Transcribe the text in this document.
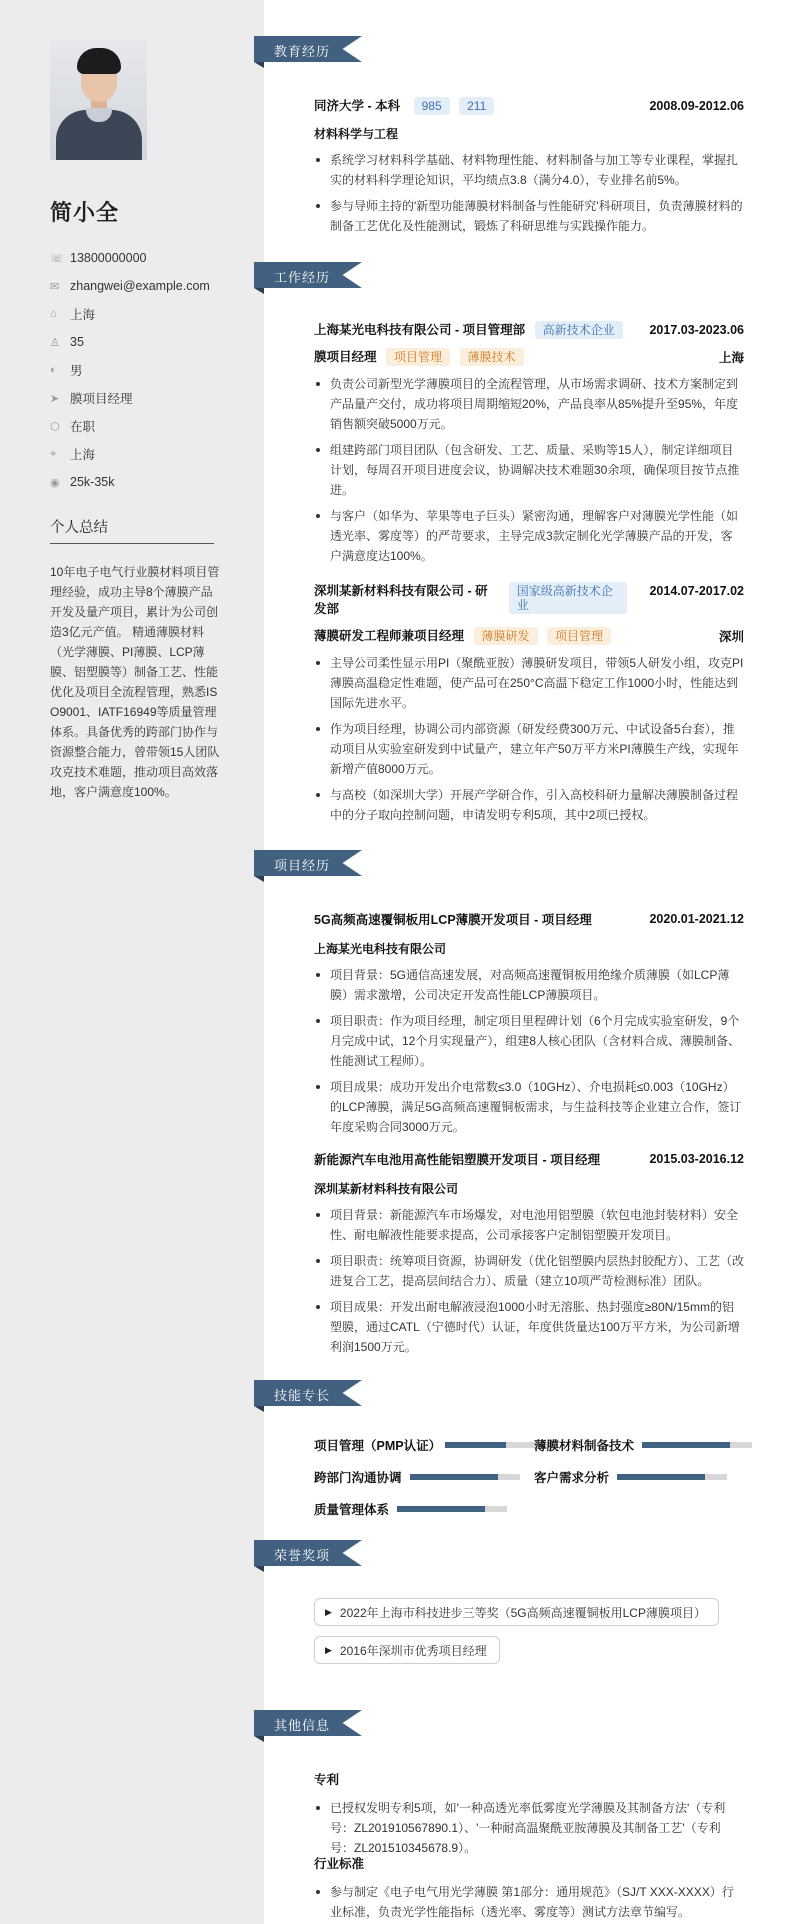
简小全
☏ 13800000000
✉ zhangwei@example.com
⌂	上海
♙ 35
◐	男
➤ 膜项目经理
⬡ 在职
⌖	上海
◉ 25k-35k
个人总结
10年电子电气行业膜材料项目管理经验，成功主导8个薄膜产品开发及量产项目，累计为公司创造3亿元产值。 精通薄膜材料（光学薄膜、PI薄膜、LCP薄膜、铝塑膜等）制备工艺、性能优化及项目全流程管理，熟悉ISO9001、IATF16949等质量管理体系。具备优秀的跨部门协作与资源整合能力，曾带领15人团队攻克技术难题，推动项目高效落地，客户满意度100%。
教育经历
同济大学 - 本科 985 211	2008.09-2012.06
材料科学与工程
系统学习材料科学基础、材料物理性能、材料制备与加工等专业课程，掌握扎实的材料科学理论知识，平均绩点3.8（满分4.0），专业排名前5%。
参与导师主持的'新型功能薄膜材料制备与性能研究'科研项目，负责薄膜材料的制备工艺优化及性能测试，锻炼了科研思维与实践操作能力。
工作经历
上海某光电科技有限公司 - 项目管理部 高新技术企业	2017.03-2023.06
膜项目经理 项目管理 薄膜技术	上海
负责公司新型光学薄膜项目的全流程管理，从市场需求调研、技术方案制定到产品量产交付，成功将项目周期缩短20%，产品良率从85%提升至95%，年度销售额突破5000万元。
组建跨部门项目团队（包含研发、工艺、质量、采购等15人），制定详细项目计划，每周召开项目进度会议，协调解决技术难题30余项，确保项目按节点推进。
与客户（如华为、苹果等电子巨头）紧密沟通，理解客户对薄膜光学性能（如透光率、雾度等）的严苛要求，主导完成3款定制化光学薄膜产品的开发，客户满意度达100%。
深圳某新材料科技有限公司 - 研发部
国家级高新技术企业
2014.07-2017.02
薄膜研发工程师兼项目经理 薄膜研发 项目管理	深圳
主导公司柔性显示用PI（聚酰亚胺）薄膜研发项目，带领5人研发小组，攻克PI薄膜高温稳定性难题，使产品可在250°C高温下稳定工作1000小时，性能达到国际先进水平。
作为项目经理，协调公司内部资源（研发经费300万元、中试设备5台套），推动项目从实验室研发到中试量产，建立年产50万平方米PI薄膜生产线，实现年新增产值8000万元。
与高校（如深圳大学）开展产学研合作，引入高校科研力量解决薄膜制备过程中的分子取向控制问题，申请发明专利5项，其中2项已授权。
项目经历
5G高频高速覆铜板用LCP薄膜开发项目 - 项目经理	2020.01-2021.12
上海某光电科技有限公司
项目背景：5G通信高速发展，对高频高速覆铜板用绝缘介质薄膜（如LCP薄膜）需求激增，公司决定开发高性能LCP薄膜项目。
项目职责：作为项目经理，制定项目里程碑计划（6个月完成实验室研发，9个月完成中试，12个月实现量产），组建8人核心团队（含材料合成、薄膜制备、性能测试工程师）。
项目成果：成功开发出介电常数≤3.0（10GHz）、介电损耗≤0.003（10GHz）的LCP薄膜，满足5G高频高速覆铜板需求，与生益科技等企业建立合作，签订年度采购合同3000万元。
新能源汽车电池用高性能铝塑膜开发项目 - 项目经理	2015.03-2016.12
深圳某新材料科技有限公司
项目背景：新能源汽车市场爆发，对电池用铝塑膜（软包电池封装材料）安全性、耐电解液性能要求提高，公司承接客户定制铝塑膜开发项目。
项目职责：统筹项目资源，协调研发（优化铝塑膜内层热封胶配方）、工艺（改进复合工艺，提高层间结合力）、质量（建立10项严苛检测标准）团队。
项目成果：开发出耐电解液浸泡1000小时无溶胀、热封强度≥80N/15mm的铝塑膜，通过CATL（宁德时代）认证，年度供货量达100万平方米，为公司新增利润1500万元。
技能专长
项目管理（PMP认证）	薄膜材料制备技术
跨部门沟通协调	客户需求分析
质量管理体系
荣誉奖项
▶ 2022年上海市科技进步三等奖（5G高频高速覆铜板用LCP薄膜项目）
▶ 2016年深圳市优秀项目经理
其他信息
专利
已授权发明专利5项，如'一种高透光率低雾度光学薄膜及其制备方法'（专利号：ZL201910567890.1）、'一种耐高温聚酰亚胺薄膜及其制备工艺'（专利号：ZL201510345678.9）。
行业标准
参与制定《电子电气用光学薄膜 第1部分：通用规范》（SJ/T XXX-XXXX）行业标准，负责光学性能指标（透光率、雾度等）测试方法章节编写。
